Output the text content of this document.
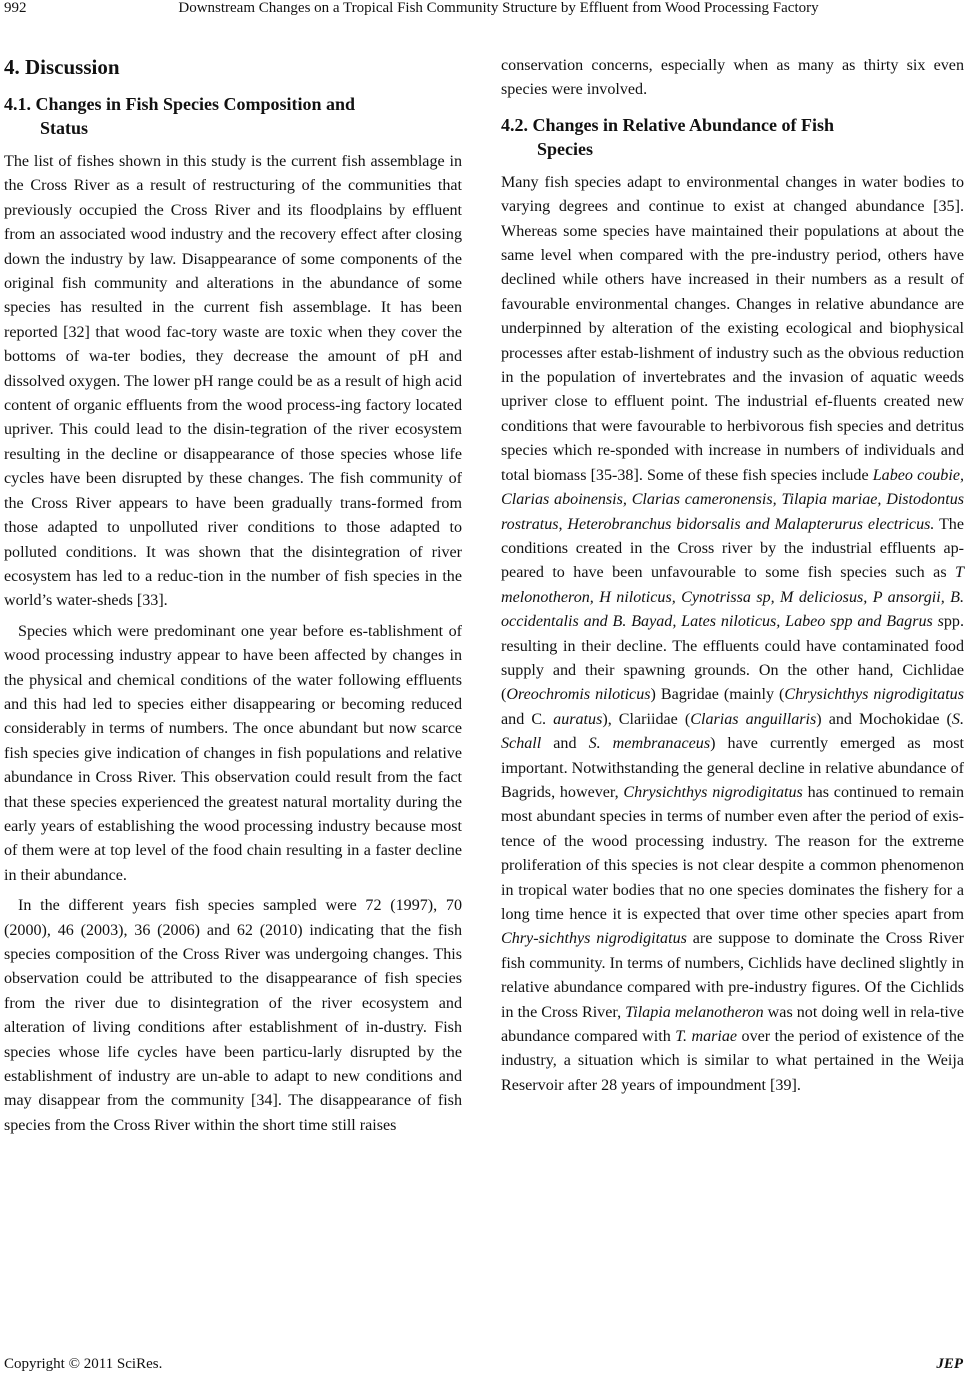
992	Downstream Changes on a Tropical Fish Community Structure by Effluent from Wood Processing Factory
4. Discussion
4.1. Changes in Fish Species Composition and
Status

The list of fishes shown in this study is the current fish assemblage in the Cross River as a result of restructuring of the communities that previously occupied the Cross River and its floodplains by effluent from an associated wood industry and the recovery effect after closing down the industry by law. Disappearance of some components of the original fish community and alterations in the abundance of some species has resulted in the current fish assemblage. It has been reported [32] that wood fac-tory waste are toxic when they cover the bottoms of wa-ter bodies, they decrease the amount of pH and dissolved oxygen. The lower pH range could be as a result of high acid content of organic effluents from the wood process-ing factory located upriver. This could lead to the disin-tegration of the river ecosystem resulting in the decline or disappearance of those species whose life cycles have been disrupted by these changes. The fish community of the Cross River appears to have been gradually trans-formed from those adapted to unpolluted river conditions to those adapted to polluted conditions. It was shown that the disintegration of river ecosystem has led to a reduc-tion in the number of fish species in the world’s water-sheds [33].

Species which were predominant one year before es-tablishment of wood processing industry appear to have been affected by changes in the physical and chemical conditions of the water following effluents and this had led to species either disappearing or becoming reduced considerably in terms of numbers. The once abundant but now scarce fish species give indication of changes in fish populations and relative abundance in Cross River. This observation could result from the fact that these species experienced the greatest natural mortality during the early years of establishing the wood processing industry because most of them were at top level of the food chain resulting in a faster decline in their abundance.

In the different years fish species sampled were 72 (1997), 70 (2000), 46 (2003), 36 (2006) and 62 (2010) indicating that the fish species composition of the Cross River was undergoing changes. This observation could be attributed to the disappearance of fish species from the river due to disintegration of the river ecosystem and alteration of living conditions after establishment of in-dustry. Fish species whose life cycles have been particu-larly disrupted by the establishment of industry are un-able to adapt to new conditions and may disappear from the community [34]. The disappearance of fish species from the Cross River within the short time still raises

conservation concerns, especially when as many as thirty six even species were involved.

4.2. Changes in Relative Abundance of Fish
Species

Many fish species adapt to environmental changes in water bodies to varying degrees and continue to exist at changed abundance [35]. Whereas some species have maintained their populations at about the same level when compared with the pre-industry period, others have declined while others have increased in their numbers as a result of favourable environmental changes. Changes in relative abundance are underpinned by alteration of the existing ecological and biophysical processes after estab-lishment of industry such as the obvious reduction in the population of invertebrates and the invasion of aquatic weeds upriver close to effluent point. The industrial ef-fluents created new conditions that were favourable to herbivorous fish species and detritus species which re-sponded with increase in numbers of individuals and total biomass [35-38]. Some of these fish species include Labeo coubie, Clarias aboinensis, Clarias cameronensis, Tilapia mariae, Distodontus rostratus, Heterobranchus bidorsalis and Malapterurus electricus. The conditions created in the Cross river by the industrial effluents ap-peared to have been unfavourable to some fish species such as T melonotheron, H niloticus, Cynotrissa sp, M deliciosus, P ansorgii, B. occidentalis and B. Bayad, Lates niloticus, Labeo spp and Bagrus spp. resulting in their decline. The effluents could have contaminated food supply and their spawning grounds. On the other hand, Cichlidae (Oreochromis niloticus) Bagridae (mainly (Chrysichthys nigrodigitatus and C. auratus), Clariidae (Clarias anguillaris) and Mochokidae (S. Schall and S. membranaceus) have currently emerged as most important. Notwithstanding the general decline in relative abundance of Bagrids, however, Chrysichthys nigrodigitatus has continued to remain most abundant species in terms of number even after the period of exis-tence of the wood processing industry. The reason for the extreme proliferation of this species is not clear despite a common phenomenon in tropical water bodies that no one species dominates the fishery for a long time hence it is expected that over time other species apart from Chry-sichthys nigrodigitatus are suppose to dominate the Cross River fish community. In terms of numbers, Cichlids have declined slightly in relative abundance compared with pre-industry figures. Of the Cichlids in the Cross River, Tilapia melanotheron was not doing well in rela-tive abundance compared with T. mariae over the period of existence of the industry, a situation which is similar to what pertained in the Weija Reservoir after 28 years of impoundment [39].

Copyright © 2011 SciRes.	JEP
